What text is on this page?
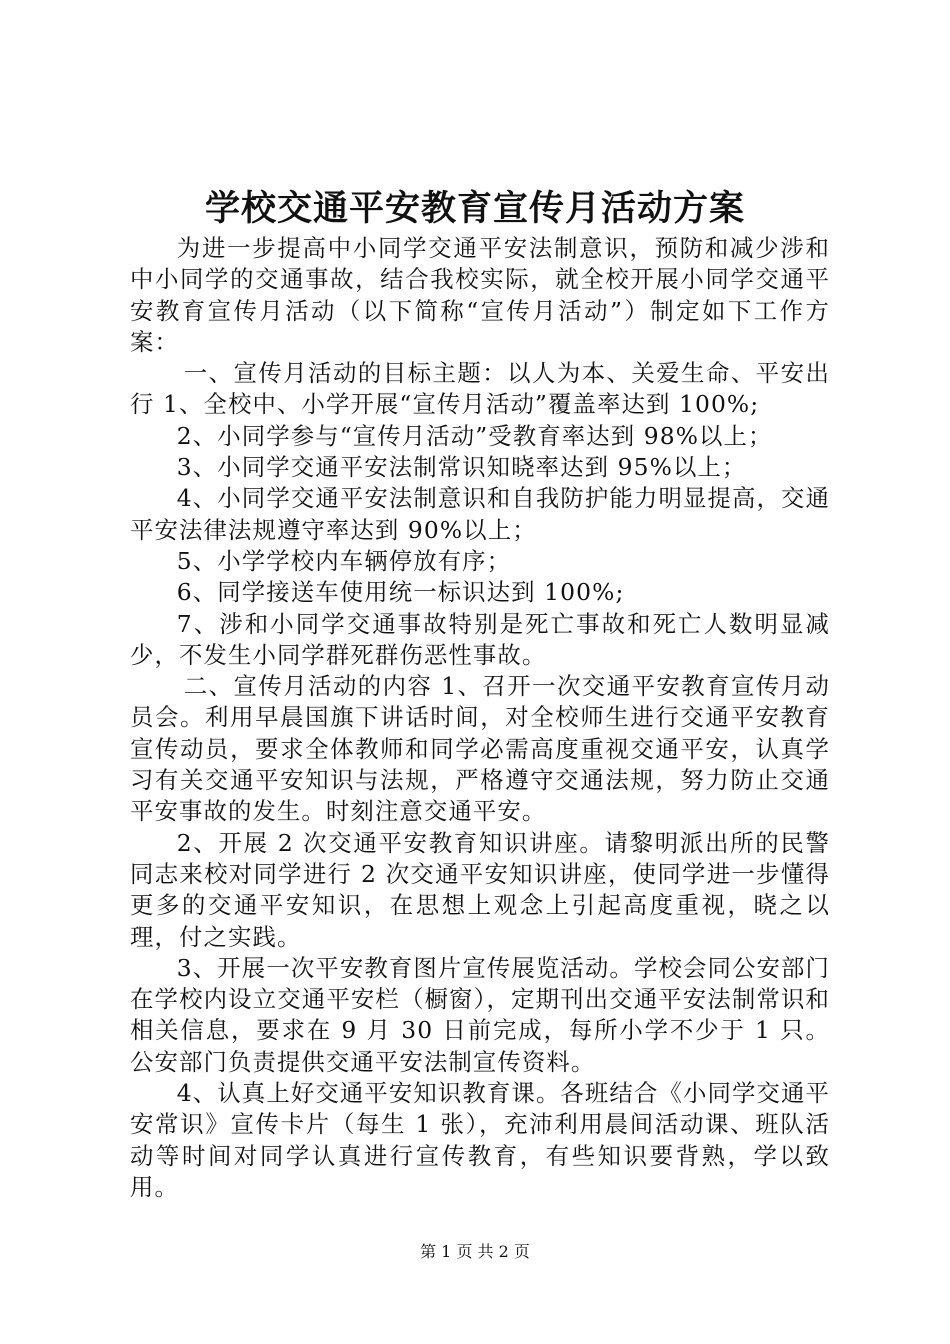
学校交通平安教育宣传月活动方案

为进一步提高中小同学交通平安法制意识，预防和减少涉和中小同学的交通事故，结合我校实际，就全校开展小同学交通平安教育宣传月活动（以下简称“宣传月活动”）制定如下工作方案：

一、宣传月活动的目标主题：以人为本、关爱生命、平安出行 1、全校中、小学开展“宣传月活动”覆盖率达到 100%;

2、小同学参与“宣传月活动”受教育率达到 98%以上；

3、小同学交通平安法制常识知晓率达到 95%以上；

4、小同学交通平安法制意识和自我防护能力明显提高，交通平安法律法规遵守率达到 90%以上；

5、小学学校内车辆停放有序；

6、同学接送车使用统一标识达到 100%;

7、涉和小同学交通事故特别是死亡事故和死亡人数明显减少，不发生小同学群死群伤恶性事故。

二、宣传月活动的内容 1、召开一次交通平安教育宣传月动员会。利用早晨国旗下讲话时间，对全校师生进行交通平安教育宣传动员，要求全体教师和同学必需高度重视交通平安，认真学习有关交通平安知识与法规，严格遵守交通法规，努力防止交通平安事故的发生。时刻注意交通平安。

2、开展 2 次交通平安教育知识讲座。请黎明派出所的民警同志来校对同学进行 2 次交通平安知识讲座，使同学进一步懂得更多的交通平安知识，在思想上观念上引起高度重视，晓之以理，付之实践。

3、开展一次平安教育图片宣传展览活动。学校会同公安部门在学校内设立交通平安栏（橱窗），定期刊出交通平安法制常识和相关信息，要求在 9 月 30 日前完成，每所小学不少于 1 只。公安部门负责提供交通平安法制宣传资料。

4、认真上好交通平安知识教育课。各班结合《小同学交通平安常识》宣传卡片（每生 1 张），充沛利用晨间活动课、班队活动等时间对同学认真进行宣传教育，有些知识要背熟，学以致用。

第 1 页 共 2 页
